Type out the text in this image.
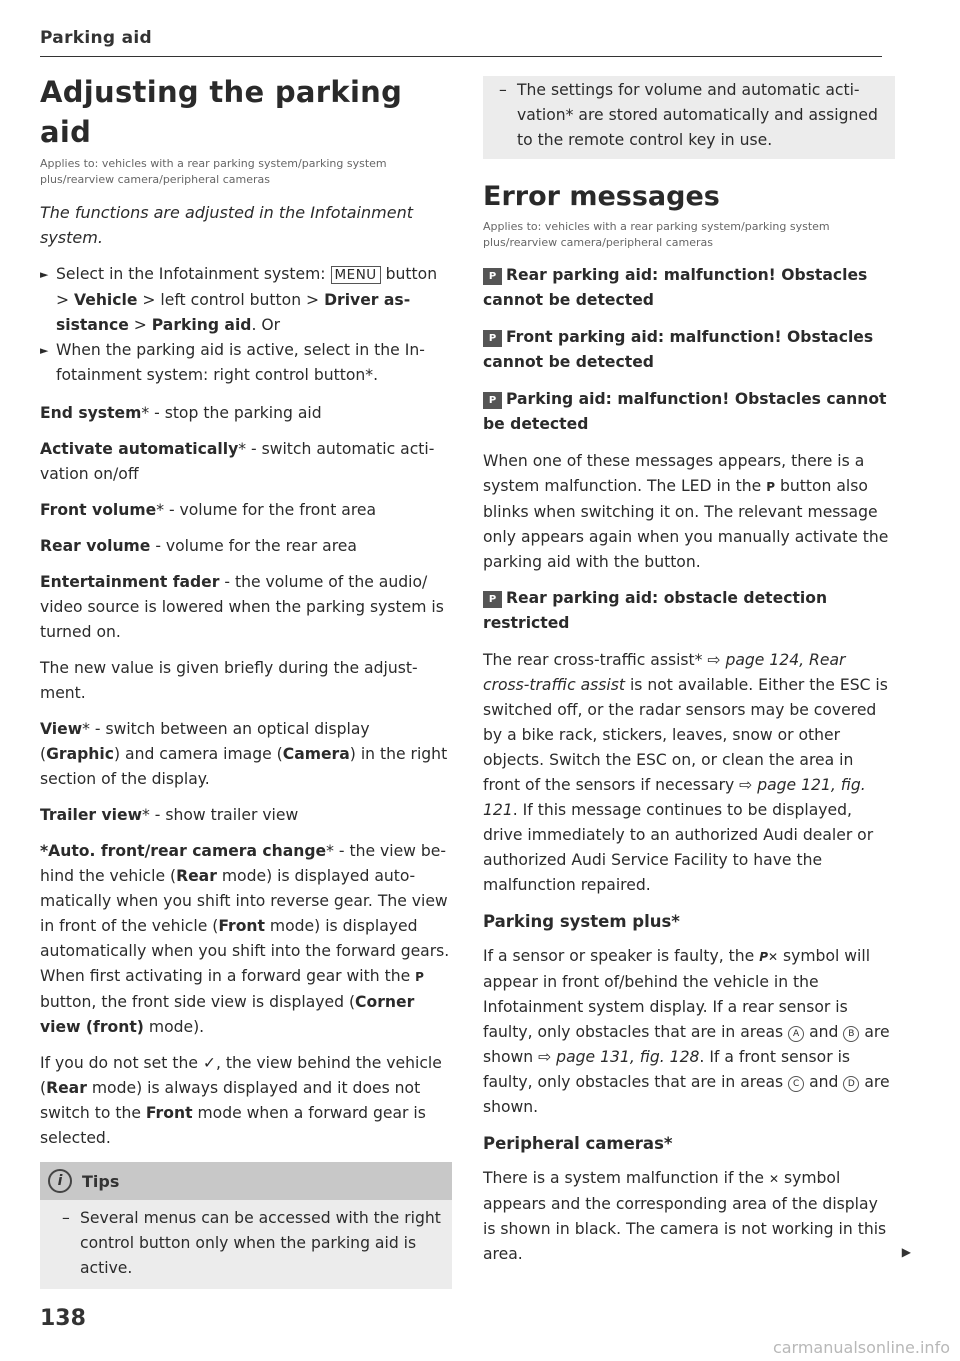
Parking aid
Adjusting the parking aid
Applies to: vehicles with a rear parking system/parking system plus/rearview camera/peripheral cameras
The functions are adjusted in the Infotainment system.

► Select in the Infotainment system: MENU button > Vehicle > left control button > Driver assistance > Parking aid. Or

► When the parking aid is active, select in the Infotainment system: right control button*.

End system* - stop the parking aid

Activate automatically* - switch automatic activation on/off

Front volume* - volume for the front area

Rear volume - volume for the rear area

Entertainment fader - the volume of the audio/ video source is lowered when the parking system is turned on.

The new value is given briefly during the adjustment.

View* - switch between an optical display (Graphic) and camera image (Camera) in the right section of the display.

Trailer view* - show trailer view

*Auto. front/rear camera change* - the view behind the vehicle (Rear mode) is displayed automatically when you shift into reverse gear. The view in front of the vehicle (Front mode) is displayed automatically when you shift into the forward gears. When first activating in a forward gear with the P button, the front side view is displayed (Corner view (front) mode).

If you do not set the ✓, the view behind the vehicle (Rear mode) is always displayed and it does not switch to the Front mode when a forward gear is selected.

i	Tips

– Several menus can be accessed with the right control button only when the parking aid is active.

138

– The settings for volume and automatic activation* are stored automatically and assigned to the remote control key in use.

Error messages
Applies to: vehicles with a rear parking system/parking system plus/rearview camera/peripheral cameras
P Rear parking aid: malfunction! Obstacles cannot be detected
P Front parking aid: malfunction! Obstacles cannot be detected
P Parking aid: malfunction! Obstacles cannot be detected

When one of these messages appears, there is a system malfunction. The LED in the P button also blinks when switching it on. The relevant message only appears again when you manually activate the parking aid with the button.

P Rear parking aid: obstacle detection restricted

The rear cross-traffic assist* ⇨ page 124, Rear cross-traffic assist is not available. Either the ESC is switched off, or the radar sensors may be covered by a bike rack, stickers, leaves, snow or other objects. Switch the ESC on, or clean the area in front of the sensors if necessary ⇨ page 121, fig. 121. If this message continues to be displayed, drive immediately to an authorized Audi dealer or authorized Audi Service Facility to have the malfunction repaired.

Parking system plus*

If a sensor or speaker is faulty, the P✕ symbol will appear in front of/behind the vehicle in the Infotainment system display. If a rear sensor is faulty, only obstacles that are in areas A and B are shown ⇨ page 131, fig. 128. If a front sensor is faulty, only obstacles that are in areas C and D are shown.

Peripheral cameras*

There is a system malfunction if the ✕ symbol appears and the corresponding area of the display is shown in black. The camera is not working in this area.	▶

carmanualsonline.info
